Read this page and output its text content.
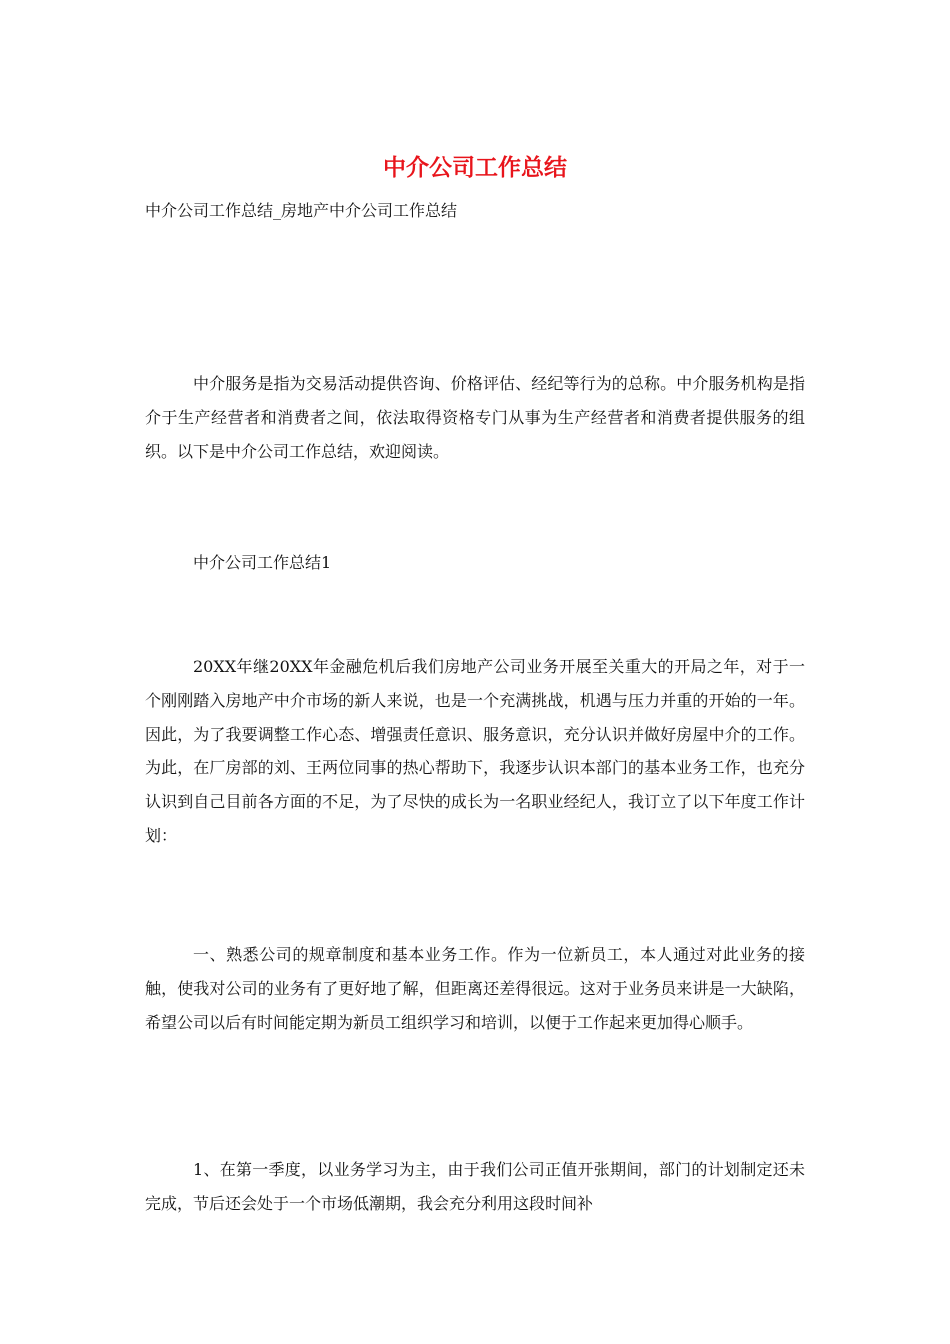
中介公司工作总结

中介公司工作总结_房地产中介公司工作总结

中介服务是指为交易活动提供咨询、价格评估、经纪等行为的总称。中介服务机构是指介于生产经营者和消费者之间，依法取得资格专门从事为生产经营者和消费者提供服务的组织。以下是中介公司工作总结，欢迎阅读。

中介公司工作总结1

20XX年继20XX年金融危机后我们房地产公司业务开展至关重大的开局之年，对于一个刚刚踏入房地产中介市场的新人来说，也是一个充满挑战，机遇与压力并重的开始的一年。因此，为了我要调整工作心态、增强责任意识、服务意识，充分认识并做好房屋中介的工作。为此，在厂房部的刘、王两位同事的热心帮助下，我逐步认识本部门的基本业务工作，也充分认识到自己目前各方面的不足，为了尽快的成长为一名职业经纪人，我订立了以下年度工作计划：

一、熟悉公司的规章制度和基本业务工作。作为一位新员工，本人通过对此业务的接触，使我对公司的业务有了更好地了解，但距离还差得很远。这对于业务员来讲是一大缺陷，希望公司以后有时间能定期为新员工组织学习和培训，以便于工作起来更加得心顺手。

1、在第一季度，以业务学习为主，由于我们公司正值开张期间，部门的计划制定还未完成，节后还会处于一个市场低潮期，我会充分利用这段时间补
